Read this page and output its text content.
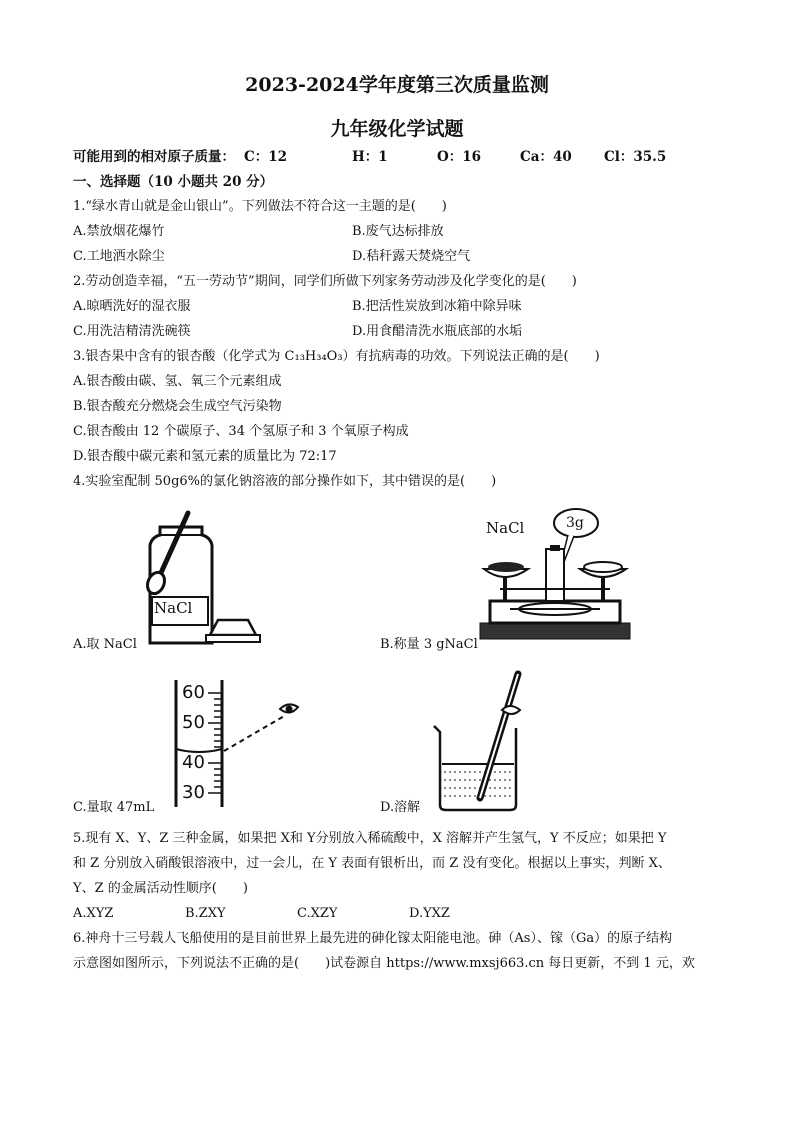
2023-2024学年度第三次质量监测
九年级化学试题
可能用到的相对原子质量： C：12	H：1	O：16	Ca：40 Cl：35.5
一、选择题（10 小题共 20 分）
1.“绿水青山就是金山银山”。下列做法不符合这一主题的是(　　)
A.禁放烟花爆竹	B.废气达标排放
C.工地洒水除尘	D.秸秆露天焚烧空气
2.劳动创造幸福，“五一劳动节”期间，同学们所做下列家务劳动涉及化学变化的是(　　)
A.晾晒洗好的湿衣服	B.把活性炭放到冰箱中除异味
C.用洗洁精清洗碗筷	D.用食醋清洗水瓶底部的水垢
3.银杏果中含有的银杏酸（化学式为 C₁₃H₃₄O₃）有抗病毒的功效。下列说法正确的是(　　)
A.银杏酸由碳、氢、氧三个元素组成
B.银杏酸充分燃烧会生成空气污染物
C.银杏酸由 12 个碳原子、34 个氢原子和 3 个氧原子构成
D.银杏酸中碳元素和氢元素的质量比为 72:17
4.实验室配制 50g6%的氯化钠溶液的部分操作如下，其中错误的是(　　)
NaCl
A.取 NaCl
NaCl	3g
B.称量 3 gNaCl
60
50
40
30
C.量取 47mL	D.溶解
5.现有 X、Y、Z 三种金属，如果把 X和 Y分别放入稀硫酸中，X 溶解并产生氢气，Y 不反应；如果把 Y
和 Z 分别放入硝酸银溶液中，过一会儿，在 Y 表面有银析出，而 Z 没有变化。根据以上事实，判断 X、
Y、Z 的金属活动性顺序(　　)
A.XYZ	B.ZXY	C.XZY	D.YXZ
6.神舟十三号载人飞船使用的是目前世界上最先进的砷化镓太阳能电池。砷（As）、镓（Ga）的原子结构
示意图如图所示，下列说法不正确的是(　　)试卷源自 https://www.mxsj663.cn 每日更新，不到 1 元，欢
